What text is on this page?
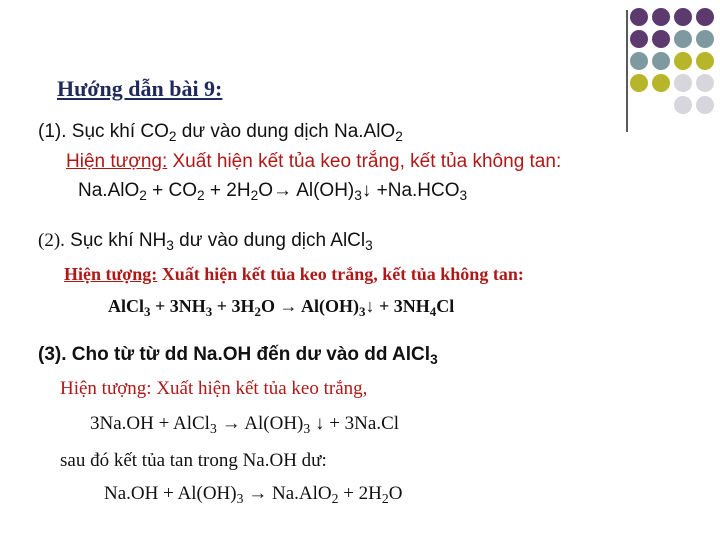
Hướng dẫn bài 9:
(1). Sục khí $CO_2$ dư vào dung dịch Na.AlO$_2$
Hiện tượng: Xuất hiện kết tủa keo trắng, kết tủa không tan:
$Na.AlO_2 + CO_2 + 2H_2O\to$ $Al(OH)_3↓ +Na.HCO_3$
(2). Sục khí $NH_3$ dư vào dung dịch AlCl$_3$
Hiện tượng: Xuất hiện kết tủa keo trắng, kết tủa không tan:
AlCl$_3$ + $3NH_3 + 3H_2O$ → $Al(OH)_3↓ + 3NH_4Cl$
(3). Cho từ từ dd Na.OH đến dư vào dd AlCl$_3$
Hiện tượng: Xuất hiện kết tủa keo trắng,
3Na.OH + AlCl$_3$ → $Al(OH)_3$ ↓ + 3Na.Cl
sau đó kết tủa tan trong Na.OH dư:
$Na.OH + Al(OH)_3 \to Na.AlO_2 + 2H_2O$
